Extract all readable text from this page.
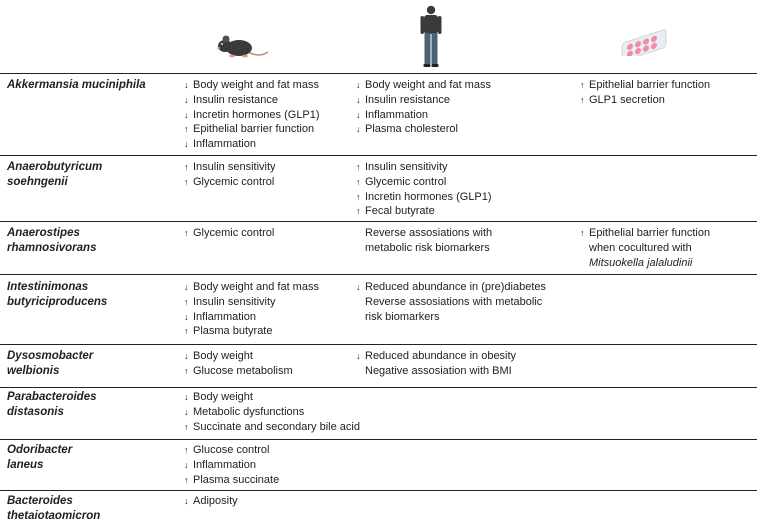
Akkermansia muciniphila	↓ Body weight and fat mass
↓ Insulin resistance
↓ Incretin hormones (GLP1)
↑ Epithelial barrier function
↓ Inflammation
↓ Body weight and fat mass
↓ Insulin resistance
↓ Inflammation
↓ Plasma cholesterol
↑ Epithelial barrier function
↑ GLP1 secretion
Anaerobutyricum
soehngenii
↑ Insulin sensitivity
↑ Glycemic control
↑ Insulin sensitivity
↑ Glycemic control
↑ Incretin hormones (GLP1)
↑ Fecal butyrate
Anaerostipes
rhamnosivorans
↑ Glycemic control	Reverse assosiations with
metabolic risk biomarkers
↑ Epithelial barrier function
when cocultured with
Mitsuokella jalaludinii
Intestinimonas
butyriciproducens
↓ Body weight and fat mass
↑ Insulin sensitivity
↓ Inflammation
↑ Plasma butyrate
↓ Reduced abundance in (pre)diabetes
Reverse assosiations with metabolic
risk biomarkers
Dysosmobacter
welbionis
↓ Body weight
↑ Glucose metabolism
↓ Reduced abundance in obesity
Negative assosiation with BMI
Parabacteroides
distasonis
↓ Body weight
↓ Metabolic dysfunctions
↑ Succinate and secondary bile acid
Odoribacter
laneus
↑ Glucose control
↓ Inflammation
↑ Plasma succinate
Bacteroides
thetaiotaomicron
↓ Adiposity
